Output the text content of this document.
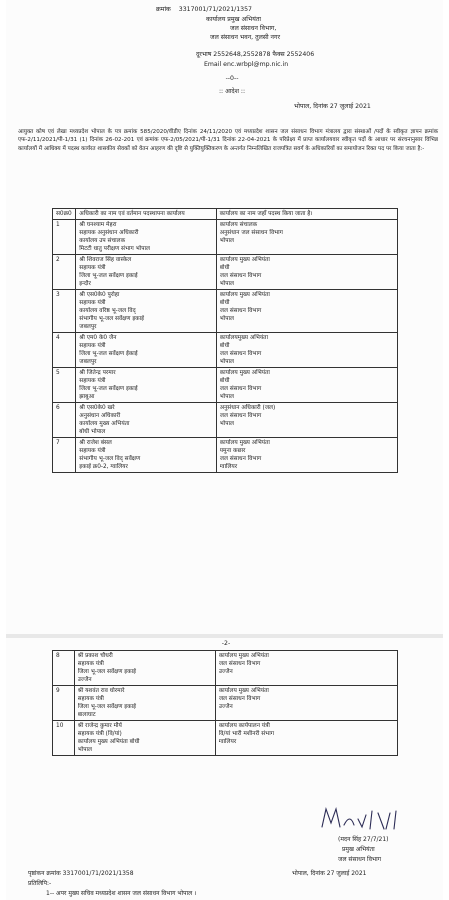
क्रमांक 3317001/71/2021/1357
कार्यालय प्रमुख अभियंता
जल संसाधन विभाग,
जल संसाधन भवन, तुलसी नगर
दूरभाष 2552648,2552878 फैक्स 2552406
Email enc.wrbpl@mp.nic.in
--0--
:: आदेश ::
भोपाल, दिनांक 27 जुलाई 2021
आयुक्त कोष एवं लेखा मध्यप्रदेश भोपाल के पत्र क्रमांक 585/2020/वीडीए दिनांक 24/11/2020 एवं मध्यप्रदेश शासन जल संसाधन विभाग मंत्रालय द्वारा संस्थाओं /पदों के स्वीकृत ज्ञापन क्रमांक एफ-2/11/2021/पी-1/31 (1) दिनांक 26-02-201 एवं क्रमांक एफ-2/05/2021/पी-1/31 दिनांक 22-04-2021 के परिप्रेक्ष्य में प्राप्त कार्यालयवार स्वीकृत पदों के आधार पर संरचनानुसार विभिन्न कार्यालयों में आधिक्य में पदस्थ कार्यरत शासकीय सेवकों को वेतन आहरण की दृष्टि से युक्तियुक्तिकरण के अन्तर्गत निम्नलिखित राजपत्रित सवर्ग के अधिकारियों का समायोजन रिक्त पद पर किया जाता है:-
स0क्र0	अधिकारी का नाम एवं वर्तमान पदस्थापना कार्यालय	कार्यालय का नाम जहाँ पदस्थ किया जाता है।
1	श्री घनश्याम मेहरा
सहायक अनुसंधान अधिकारी
कार्यालय उप संचालक
मिटटी धातु परीक्षण संभाग भोपाल	कार्यालय संचालक
अनुसंधान जल संसाधन विभाग
भोपाल

2	श्री शिवराज सिंह वास्केल
सहायक यंत्री
जिला भू-जल सर्वेक्षण इकाई
इन्दौर	कार्यालय मुख्य अभियंता
बोधी
जल संसाधन विभाग
भोपाल

3	श्री एस0के0 पुरोहा
सहायक यंत्री
कार्यालय वरिष्ठ भू-जल विद्
संभागीय भू-जल सर्वेक्षण इकाई
जबलपुर	कार्यालय मुख्य अभियंता
बोधी
जल संसाधन विभाग
भोपाल

4	श्री एम0 के0 जैन
सहायक यंत्री
जिला भू-जल सर्वेक्षण ईकाई
जबलपुर	कार्यालयमुख्य अभियंता
बोधी
जल संसाधन विभाग
भोपाल

5	श्री जितेन्द्र परमार
सहायक यंत्री
जिला भू-जल सर्वेक्षण इकाई
झाबुआ	कार्यालय मुख्य अभियंता
बोधी
जल संसाधन विभाग
भोपाल

6	श्री एस0के0 खरे
अनुसंधान अधिकारी
कार्यालय मुख्य अभियंता
बोधी भोपाल	अनुसंधान अधिकारी (जल)
जल संसाधन विभाग
भोपाल

7	श्री राजेश बंसल
सहायक यंत्री
संभागीय भू-जल विद् सर्वेक्षण
इकाई क्र0-2, ग्वालियर	कार्यालय मुख्य अभियंता
यमुना कछार
जल संसाधन विभाग
ग्वालियर
-2-
8	श्री प्रकाश चौधरी
सहायक यंत्री
जिला भू-जल सर्वेक्षण इकाई
उज्जैन	कार्यालय मुख्य अभियंता
जल संसाधन विभाग
उज्जैन

9	श्री यशवंत राव धोरमारे
सहायक यंत्री
जिला भू-जल सर्वेक्षण इकाई
बालाघाट	कार्यालय मुख्य अभियंता
जल संसाधन विभाग
उज्जैन

10	श्री राजेन्द्र कुमार मौर्य
सहायक यंत्री (वि/यां)
कार्यालय मुख्य अभियंता बोधी
भोपाल	कार्यालय कार्यपालन यंत्री
वि/यां भारी मशीनरी संभाग
ग्वालियर
(मदन सिंह 27/7/21)
प्रमुख अभियंता
जल संसाधन विभाग
पृष्ठांकन क्रमांक 3317001/71/2021/1358	भोपाल, दिनांक 27 जुलाई 2021
प्रतिलिपि:-
1-- अपर मुख्य सचिव मध्यप्रदेश शासन जल संसाधन विभाग भोपाल ।
